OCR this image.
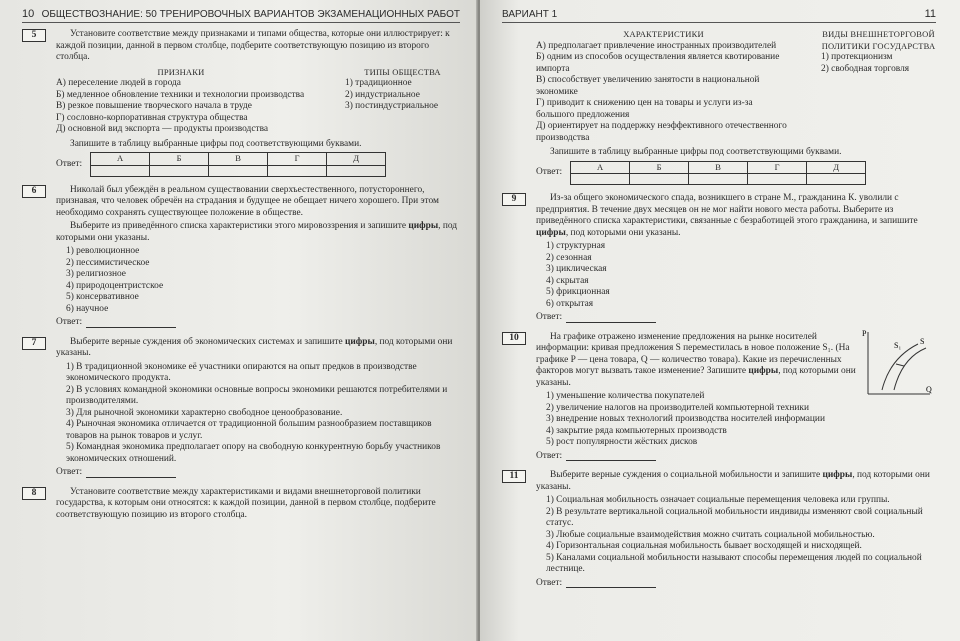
10 ОБЩЕСТВОЗНАНИЕ: 50 ТРЕНИРОВОЧНЫХ ВАРИАНТОВ ЭКЗАМЕНАЦИОННЫХ РАБОТ
5	Установите соответствие между признаками и типами общества, которые они иллюстрирует: к каждой позиции, данной в первом столбце, подберите соответствующую позицию из второго столбца.

ПРИЗНАКИ
А) переселение людей в города
Б) медленное обновление техники и технологии производства
В) резкое повышение творческого начала в труде
Г) сословно-корпоративная структура общества
Д) основной вид экспорта — продукты производства
ТИПЫ ОБЩЕСТВА
1) традиционное
2) индустриальное
3) постиндустриальное

Запишите в таблицу выбранные цифры под соответствующими буквами.

Ответ:
А	Б	В	Г	Д

6	Николай был убеждён в реальном существовании сверхъестественного, потустороннего, признавая, что человек обречён на страдания и будущее не обещает ничего хорошего. При этом необходимо сохранять существующее положение в обществе.

Выберите из приведённого списка характеристики этого мировоззрения и запишите цифры, под которыми они указаны.

1) революционное
2) пессимистическое
3) религиозное
4) природоцентристское
5) консервативное
6) научное
Ответ:
7	Выберите верные суждения об экономических системах и запишите цифры, под которыми они указаны.

1) В традиционной экономике её участники опираются на опыт предков в производстве экономического продукта.
2) В условиях командной экономики основные вопросы экономики решаются потребителями и производителями.
3) Для рыночной экономики характерно свободное ценообразование.
4) Рыночная экономика отличается от традиционной большим разнообразием поставщиков товаров на рынок товаров и услуг.
5) Командная экономика предполагает опору на свободную конкурентную борьбу участников экономических отношений.
Ответ:
8	Установите соответствие между характеристиками и видами внешнеторговой политики государства, к которым они относятся: к каждой позиции, данной в первом столбце, подберите соответствующую позицию из второго столбца.

ВАРИАНТ 1	11
ХАРАКТЕРИСТИКИ
А) предполагает привлечение иностранных производителей
Б) одним из способов осуществления является квотирование импорта
В) способствует увеличению занятости в национальной экономике
Г) приводит к снижению цен на товары и услуги из-за большого предложения
Д) ориентирует на поддержку неэффективного отечественного производства
ВИДЫ ВНЕШНЕТОРГОВОЙ ПОЛИТИКИ ГОСУДАРСТВА
1) протекционизм
2) свободная торговля

Запишите в таблицу выбранные цифры под соответствующими буквами.

Ответ:
А	Б	В	Г	Д

9	Из-за общего экономического спада, возникшего в стране М., гражданина К. уволили с предприятия. В течение двух месяцев он не мог найти нового места работы. Выберите из приведённого списка характеристики, связанные с безработицей этого гражданина, и запишите цифры, под которыми они указаны.

1) структурная
2) сезонная
3) циклическая
4) скрытая
5) фрикционная
6) открытая
Ответ:
10	На графике отражено изменение предложения на рынке носителей информации: кривая предложения S переместилась в новое положение S₁. (На графике P — цена товара, Q — количество товара). Какие из перечисленных факторов могут вызвать такое изменение? Запишите цифры, под которыми они указаны.

P
Q
S₁ S
1) уменьшение количества покупателей
2) увеличение налогов на производителей компьютерной техники
3) внедрение новых технологий производства носителей информации
4) закрытие ряда компьютерных производств
5) рост популярности жёстких дисков
Ответ:
11	Выберите верные суждения о социальной мобильности и запишите цифры, под которыми они указаны.

1) Социальная мобильность означает социальные перемещения человека или группы.
2) В результате вертикальной социальной мобильности индивиды изменяют свой социальный статус.
3) Любые социальные взаимодействия можно считать социальной мобильностью.
4) Горизонтальная социальная мобильность бывает восходящей и нисходящей.
5) Каналами социальной мобильности называют способы перемещения людей по социальной лестнице.
Ответ:
